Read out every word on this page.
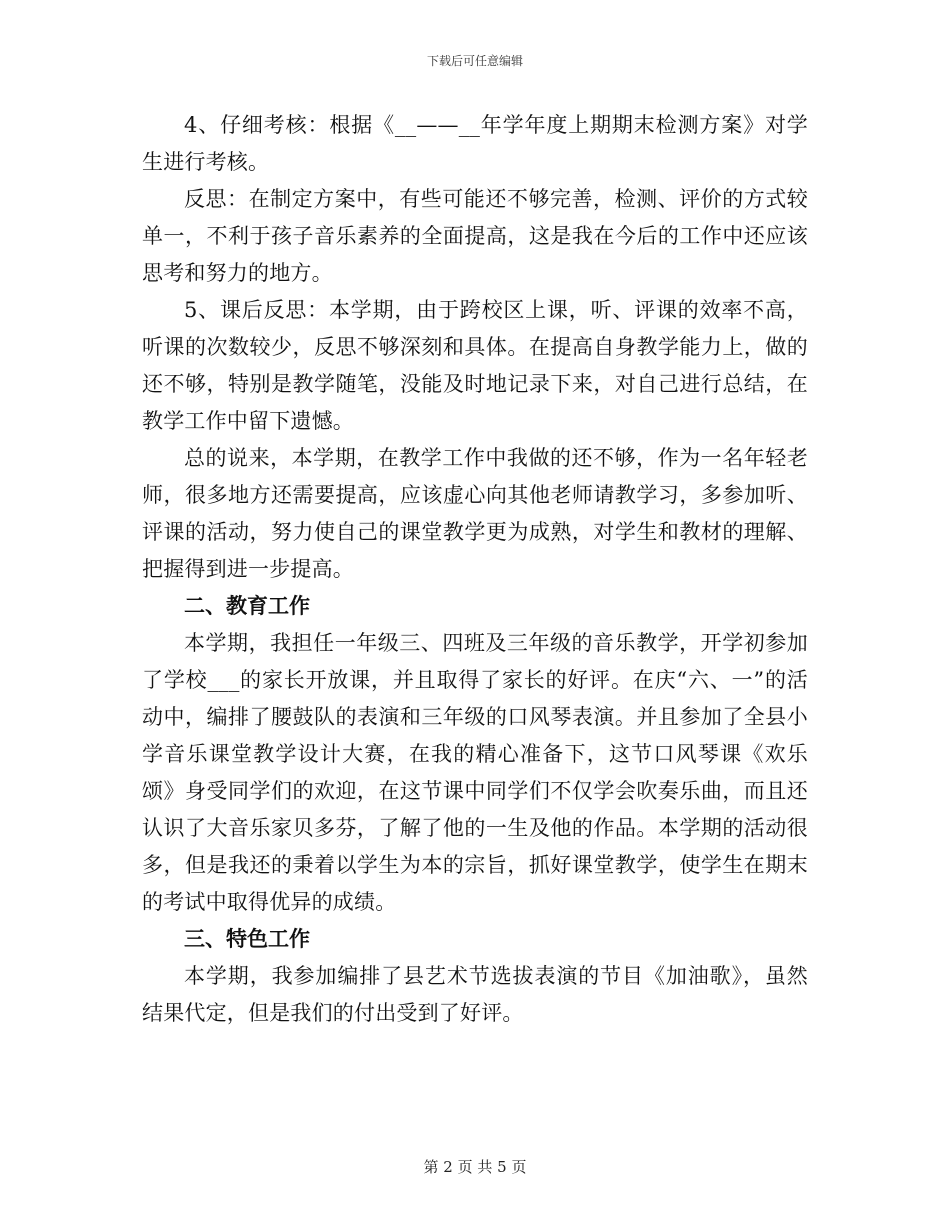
下载后可任意编辑

4、仔细考核：根据《__——__年学年度上期期末检测方案》对学生进行考核。

反思：在制定方案中，有些可能还不够完善，检测、评价的方式较单一，不利于孩子音乐素养的全面提高，这是我在今后的工作中还应该思考和努力的地方。

5、课后反思：本学期，由于跨校区上课，听、评课的效率不高，听课的次数较少，反思不够深刻和具体。在提高自身教学能力上，做的还不够，特别是教学随笔，没能及时地记录下来，对自己进行总结，在教学工作中留下遗憾。

总的说来，本学期，在教学工作中我做的还不够，作为一名年轻老师，很多地方还需要提高，应该虚心向其他老师请教学习，多参加听、评课的活动，努力使自己的课堂教学更为成熟，对学生和教材的理解、把握得到进一步提高。

二、教育工作

本学期，我担任一年级三、四班及三年级的音乐教学，开学初参加了学校___的家长开放课，并且取得了家长的好评。在庆“六、一”的活动中，编排了腰鼓队的表演和三年级的口风琴表演。并且参加了全县小学音乐课堂教学设计大赛，在我的精心准备下，这节口风琴课《欢乐颂》身受同学们的欢迎，在这节课中同学们不仅学会吹奏乐曲，而且还认识了大音乐家贝多芬，了解了他的一生及他的作品。本学期的活动很多，但是我还的秉着以学生为本的宗旨，抓好课堂教学，使学生在期末的考试中取得优异的成绩。

三、特色工作

本学期，我参加编排了县艺术节选拔表演的节目《加油歌》，虽然结果代定，但是我们的付出受到了好评。

第 2 页 共 5 页
